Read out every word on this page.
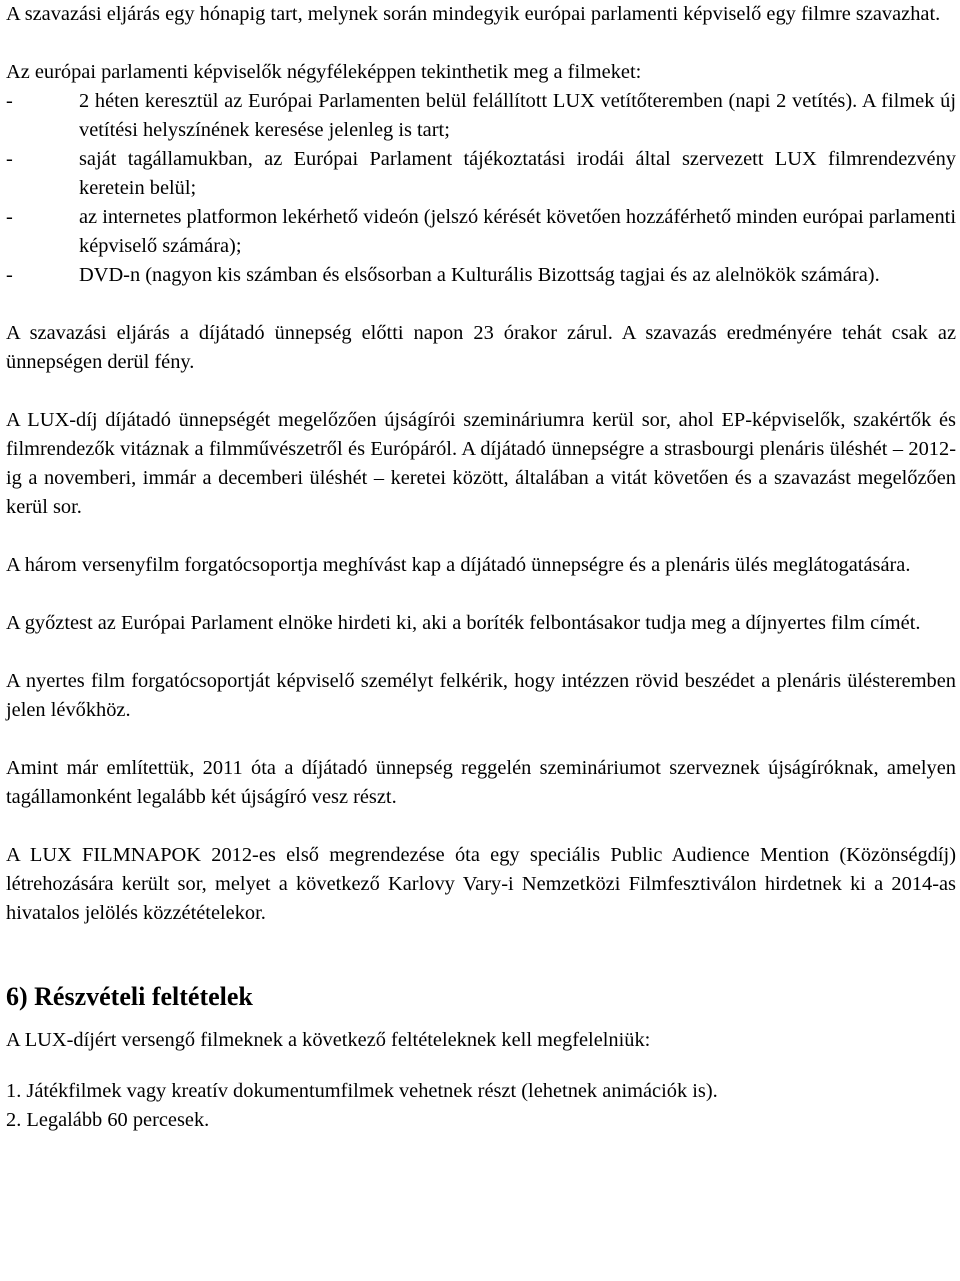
A szavazási eljárás egy hónapig tart, melynek során mindegyik európai parlamenti képviselő egy filmre szavazhat.

Az európai parlamenti képviselők négyféleképpen tekinthetik meg a filmeket:

-	2 héten keresztül az Európai Parlamenten belül felállított LUX vetítőteremben (napi 2 vetítés). A filmek új vetítési helyszínének keresése jelenleg is tart;
-	saját tagállamukban, az Európai Parlament tájékoztatási irodái által szervezett LUX filmrendezvény keretein belül;
-	az internetes platformon lekérhető videón (jelszó kérését követően hozzáférhető minden európai parlamenti képviselő számára);
-	DVD-n (nagyon kis számban és elsősorban a Kulturális Bizottság tagjai és az alelnökök számára).

A szavazási eljárás a díjátadó ünnepség előtti napon 23 órakor zárul. A szavazás eredményére tehát csak az ünnepségen derül fény.

A LUX-díj díjátadó ünnepségét megelőzően újságírói szemináriumra kerül sor, ahol EP-képviselők, szakértők és filmrendezők vitáznak a filmművészetről és Európáról. A díjátadó ünnepségre a strasbourgi plenáris ülésh​ét – 2012-ig a novemberi, immár a decemberi ülésh​ét – keretei között, általában a vitát követően és a szavazást megelőzően kerül sor.

A három versenyfilm forgatócsoportja meghívást kap a díjátadó ünnepségre és a plenáris ülés meglátogatására.

A győztest az Európai Parlament elnöke hirdeti ki, aki a boríték felbontásakor tudja meg a díjnyertes film címét.

A nyertes film forgatócsoportját képviselő személyt felkérik, hogy intézzen rövid beszédet a plenáris ülésteremben jelen lévőkhöz.

Amint már említettük, 2011 óta a díjátadó ünnepség reggelén szemináriumot szerveznek újságíróknak, amelyen tagállamonként legalább két újságíró vesz részt.

A LUX FILMNAPOK 2012-es első megrendezése óta egy speciális Public Audience Mention (Közönségdíj) létrehozására került sor, melyet a következő Karlovy Vary-i Nemzetközi Filmfesztiválon hirdetnek ki a 2014-as hivatalos jelölés közzétételekor.

6) Részvételi feltételek

A LUX-díjért versengő filmeknek a következő feltételeknek kell megfelelniük:

1. Játékfilmek vagy kreatív dokumentumfilmek vehetnek részt (lehetnek animációk is).

2. Legalább 60 percesek.
